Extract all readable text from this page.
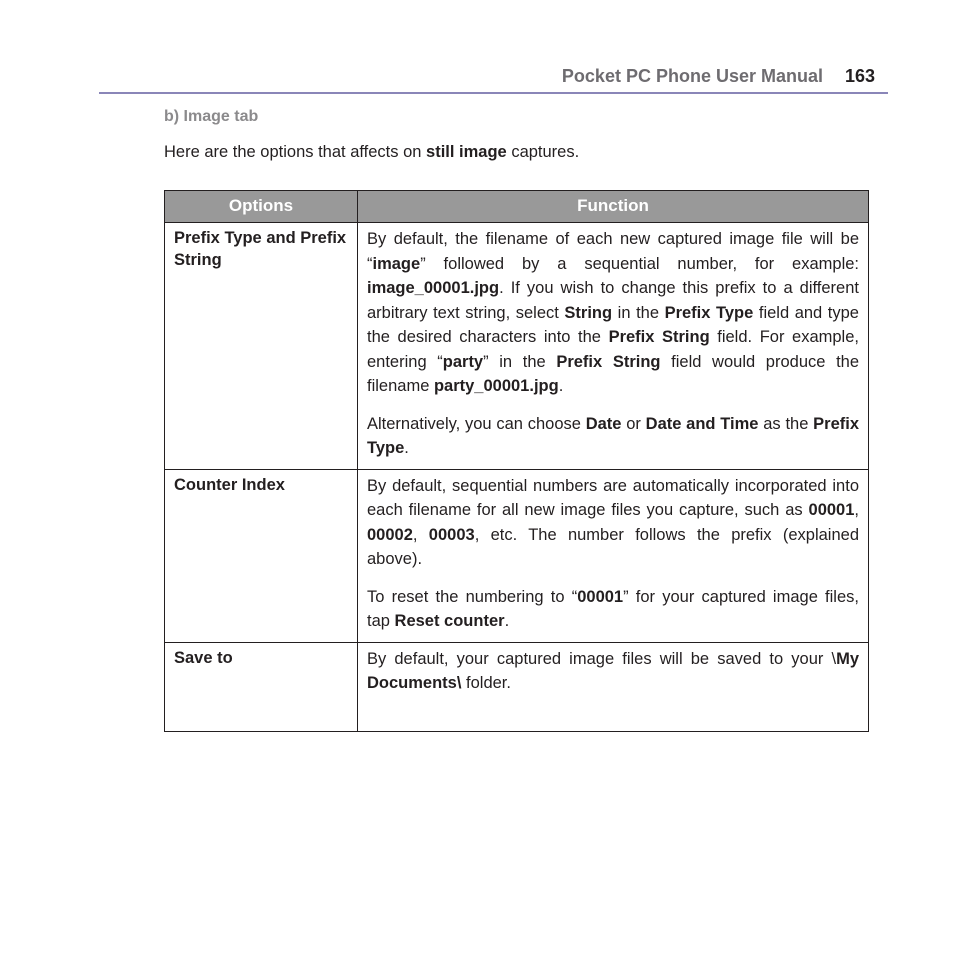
Pocket PC Phone User Manual 163
b) Image tab
Here are the options that affects on still image captures.
Options	Function
Prefix Type and Prefix String	By default, the filename of each new captured image file will be “image” followed by a sequential number, for example: image_00001.jpg. If you wish to change this prefix to a different arbitrary text string, select String in the Prefix Type field and type the desired characters into the Prefix String field. For example, entering “party” in the Prefix String field would produce the filename party_00001.jpg.

Alternatively, you can choose Date or Date and Time as the Prefix Type.

Counter Index	By default, sequential numbers are automatically incorporated into each filename for all new image files you capture, such as 00001, 00002, 00003, etc. The number follows the prefix (explained above).

To reset the numbering to “00001” for your captured image files, tap Reset counter.

Save to	By default, your captured image files will be saved to your \My Documents\ folder.
